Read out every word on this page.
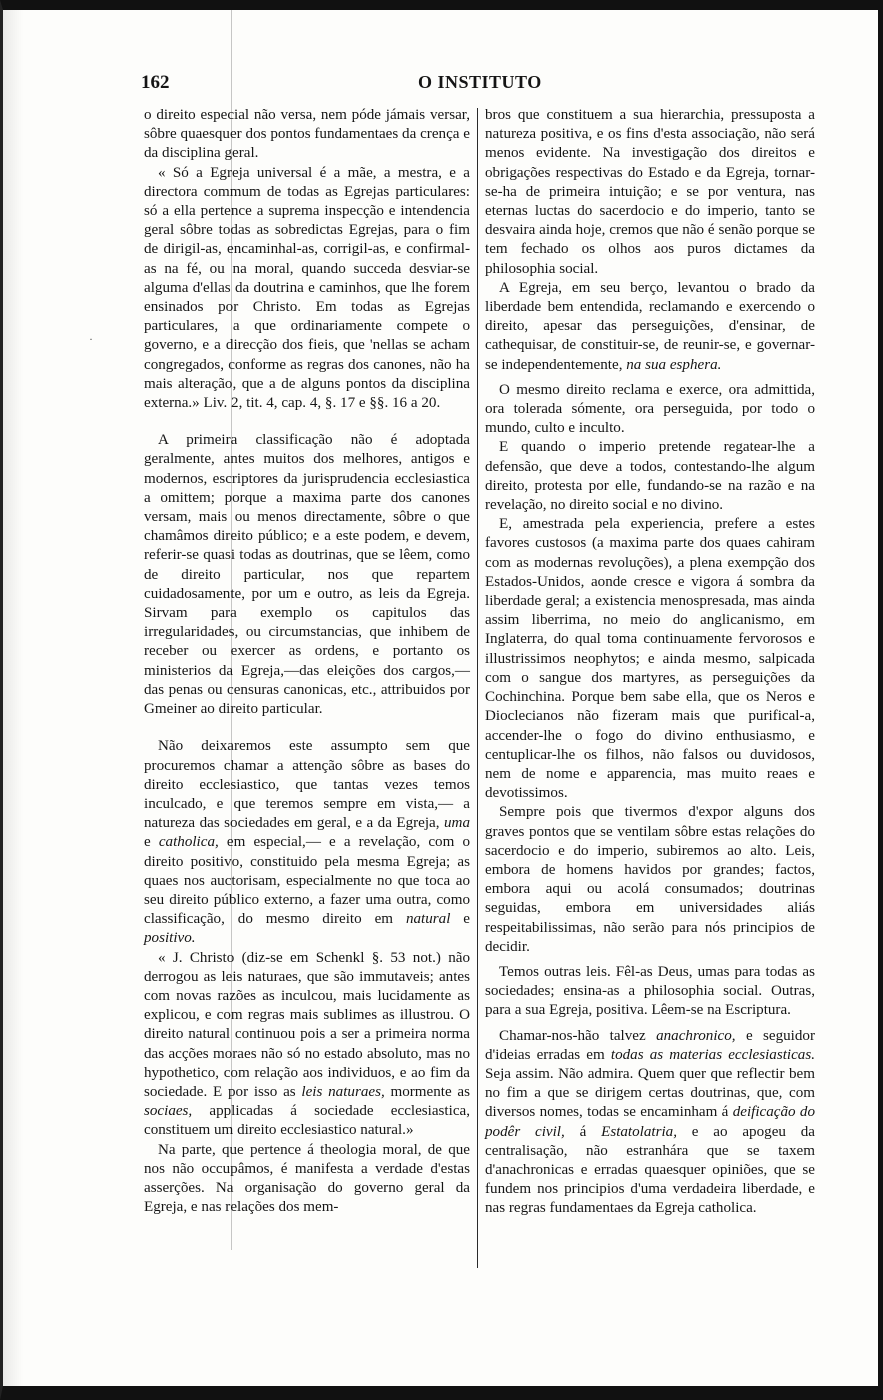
·
162	O INSTITUTO

o direito especial não versa, nem póde jámais versar, sôbre quaesquer dos pontos fundamentaes da crença e da disciplina geral.

« Só a Egreja universal é a mãe, a mestra, e a directora commum de todas as Egrejas particulares: só a ella pertence a suprema inspecção e intendencia geral sôbre todas as sobredictas Egrejas, para o fim de dirigil-as, encaminhal-as, corrigil-as, e confirmal-as na fé, ou na moral, quando succeda desviar-se alguma d'ellas da doutrina e caminhos, que lhe forem ensinados por Christo. Em todas as Egrejas particulares, a que ordinariamente compete o governo, e a direcção dos fieis, que 'nellas se acham congregados, conforme as regras dos canones, não ha mais alteração, que a de alguns pontos da disciplina externa.» Liv. 2, tit. 4, cap. 4, §. 17 e §§. 16 a 20.

A primeira classificação não é adoptada geralmente, antes muitos dos melhores, antigos e modernos, escriptores da jurisprudencia ecclesiastica a omittem; porque a maxima parte dos canones versam, mais ou menos directamente, sôbre o que chamâmos direito público; e a este podem, e devem, referir-se quasi todas as doutrinas, que se lêem, como de direito particular, nos que repartem cuidadosamente, por um e outro, as leis da Egreja. Sirvam para exemplo os capitulos das irregularidades, ou circumstancias, que inhibem de receber ou exercer as ordens, e portanto os ministerios da Egreja,—das eleições dos cargos,—das penas ou censuras canonicas, etc., attribuidos por Gmeiner ao direito particular.

Não deixaremos este assumpto sem que procuremos chamar a attenção sôbre as bases do direito ecclesiastico, que tantas vezes temos inculcado, e que teremos sempre em vista,— a natureza das sociedades em geral, e a da Egreja, uma e catholica, em especial,— e a revelação, com o direito positivo, constituido pela mesma Egreja; as quaes nos auctorisam, especialmente no que toca ao seu direito público externo, a fazer uma outra, como classificação, do mesmo direito em natural e positivo.

« J. Christo (diz-se em Schenkl §. 53 not.) não derrogou as leis naturaes, que são immutaveis; antes com novas razões as inculcou, mais lucidamente as explicou, e com regras mais sublimes as illustrou. O direito natural continuou pois a ser a primeira norma das acções moraes não só no estado absoluto, mas no hypothetico, com relação aos individuos, e ao fim da sociedade. E por isso as leis naturaes, mormente as sociaes, applicadas á sociedade ecclesiastica, constituem um direito ecclesiastico natural.»

Na parte, que pertence á theologia moral, de que nos não occupâmos, é manifesta a verdade d'estas asserções. Na organisação do governo geral da Egreja, e nas relações dos mem-

bros que constituem a sua hierarchia, pressuposta a natureza positiva, e os fins d'esta associação, não será menos evidente. Na investigação dos direitos e obrigações respectivas do Estado e da Egreja, tornar-se-ha de primeira intuição; e se por ventura, nas eternas luctas do sacerdocio e do imperio, tanto se desvaira ainda hoje, cremos que não é senão porque se tem fechado os olhos aos puros dictames da philosophia social.

A Egreja, em seu berço, levantou o brado da liberdade bem entendida, reclamando e exercendo o direito, apesar das perseguições, d'ensinar, de cathequisar, de constituir-se, de reunir-se, e governar-se independentemente, na sua esphera.

O mesmo direito reclama e exerce, ora admittida, ora tolerada sómente, ora perseguida, por todo o mundo, culto e inculto.

E quando o imperio pretende regatear-lhe a defensão, que deve a todos, contestando-lhe algum direito, protesta por elle, fundando-se na razão e na revelação, no direito social e no divino.

E, amestrada pela experiencia, prefere a estes favores custosos (a maxima parte dos quaes cahiram com as modernas revoluções), a plena exempção dos Estados-Unidos, aonde cresce e vigora á sombra da liberdade geral; a existencia menospresada, mas ainda assim liberrima, no meio do anglicanismo, em Inglaterra, do qual toma continuamente fervorosos e illustrissimos neophytos; e ainda mesmo, salpicada com o sangue dos martyres, as perseguições da Cochinchina. Porque bem sabe ella, que os Neros e Dioclecianos não fizeram mais que purifical-a, accender-lhe o fogo do divino enthusiasmo, e centuplicar-lhe os filhos, não falsos ou duvidosos, nem de nome e apparencia, mas muito reaes e devotissimos.

Sempre pois que tivermos d'expor alguns dos graves pontos que se ventilam sôbre estas relações do sacerdocio e do imperio, subiremos ao alto. Leis, embora de homens havidos por grandes; factos, embora aqui ou acolá consumados; doutrinas seguidas, embora em universidades aliás respeitabilissimas, não serão para nós principios de decidir.

Temos outras leis. Fêl-as Deus, umas para todas as sociedades; ensina-as a philosophia social. Outras, para a sua Egreja, positiva. Lêem-se na Escriptura.

Chamar-nos-hão talvez anachronico, e seguidor d'ideias erradas em todas as materias ecclesiasticas. Seja assim. Não admira. Quem quer que reflectir bem no fim a que se dirigem certas doutrinas, que, com diversos nomes, todas se encaminham á deificação do podêr civil, á Estatolatria, e ao apogeu da centralisação, não estranhára que se taxem d'anachronicas e erradas quaesquer opiniões, que se fundem nos principios d'uma verdadeira liberdade, e nas regras fundamentaes da Egreja catholica.
